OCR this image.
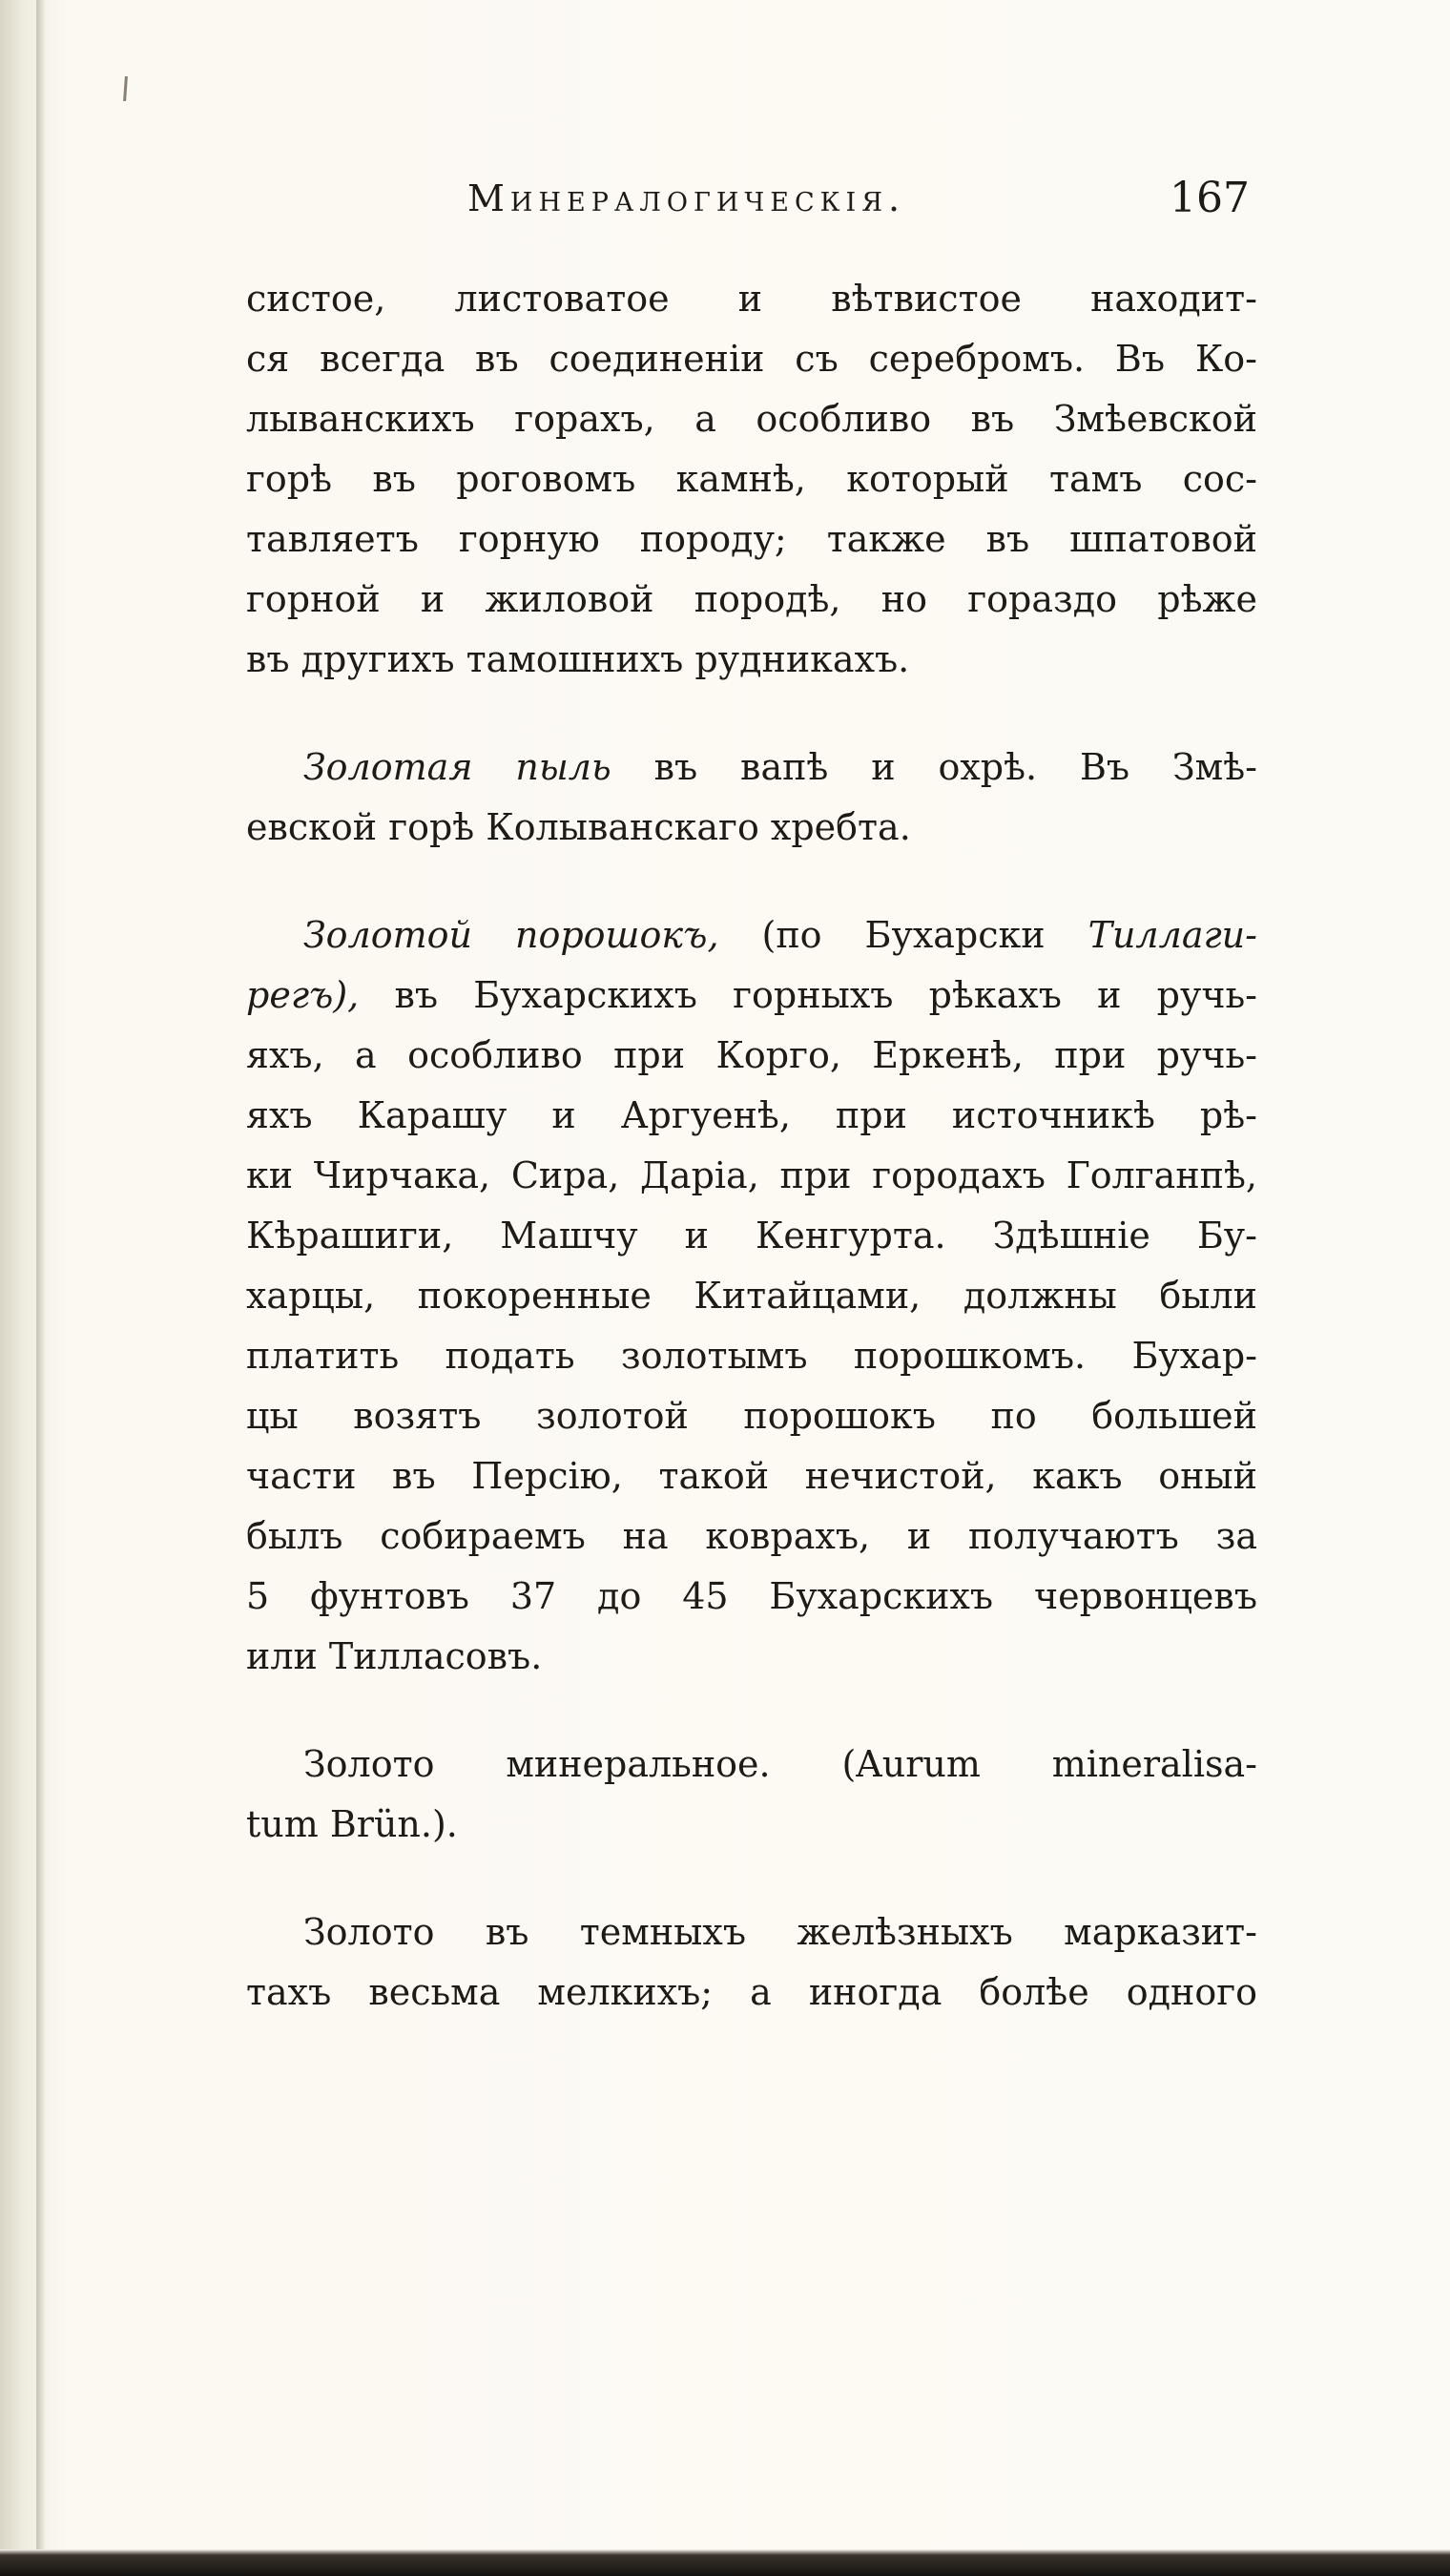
Минералогическiя.	167

систое, листоватое и вѣтвистое находит-
ся всегда въ соединенiи съ серебромъ. Въ Ко-
лыванскихъ горахъ, а особливо въ Змѣевской
горѣ въ роговомъ камнѣ, который тамъ сос-
тавляетъ горную породу; также въ шпатовой
горной и жиловой породѣ, но гораздо рѣже
въ другихъ тамошнихъ рудникахъ.

Золотая пыль въ вапѣ и охрѣ. Въ Змѣ-
евской горѣ Колыванскаго хребта.

Золотой порошокъ, (по Бухарски Тиллаги-
регъ), въ Бухарскихъ горныхъ рѣкахъ и ручь-
яхъ, а особливо при Корго, Еркенѣ, при ручь-
яхъ Карашу и Аргуенѣ, при источникѣ рѣ-
ки Чирчака, Сира, Дарiа, при городахъ Голганпѣ,
Кѣрашиги, Машчу и Кенгурта. Здѣшнiе Бу-
харцы, покоренные Китайцами, должны были
платить подать золотымъ порошкомъ. Бухар-
цы возятъ золотой порошокъ по большей
части въ Персiю, такой нечистой, какъ оный
былъ собираемъ на коврахъ, и получаютъ за
5 фунтовъ 37 до 45 Бухарскихъ червонцевъ
или Тилласовъ.

Золото минеральное. (Aurum mineralisa-
tum Brün.).

Золото въ темныхъ желѣзныхъ марказит-
тахъ весьма мелкихъ; а иногда болѣе одного
